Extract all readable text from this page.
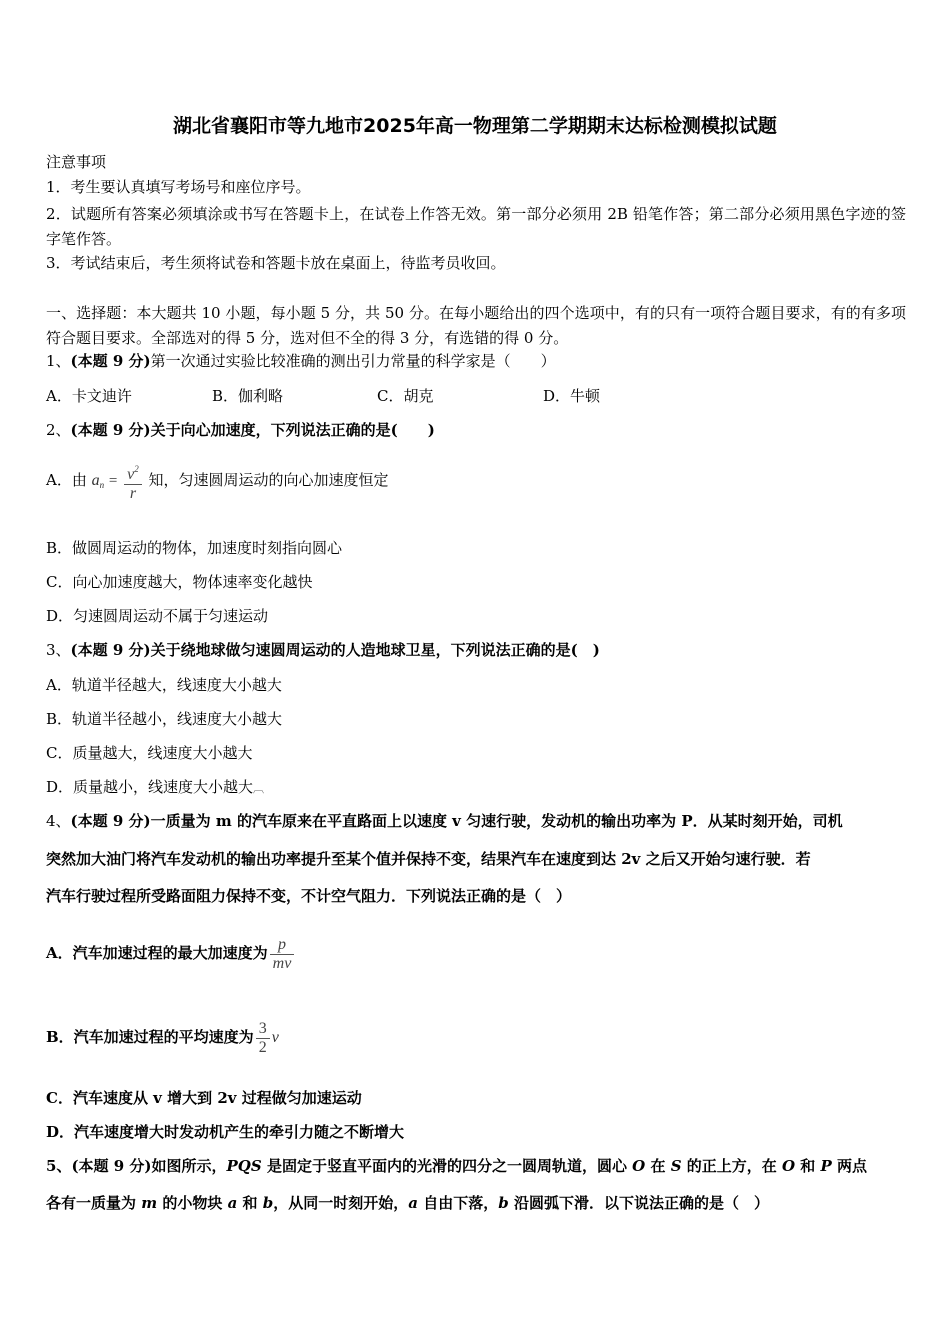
湖北省襄阳市等九地市2025年高一物理第二学期期末达标检测模拟试题
注意事项
1．考生要认真填写考场号和座位序号。
2．试题所有答案必须填涂或书写在答题卡上，在试卷上作答无效。第一部分必须用 2B 铅笔作答；第二部分必须用黑色字迹的签字笔作答。
3．考试结束后，考生须将试卷和答题卡放在桌面上，待监考员收回。
一、选择题：本大题共 10 小题，每小题 5 分，共 50 分。在每小题给出的四个选项中，有的只有一项符合题目要求，有的有多项符合题目要求。全部选对的得 5 分，选对但不全的得 3 分，有选错的得 0 分。
1、(本题 9 分)第一次通过实验比较准确的测出引力常量的科学家是（　　）
A．卡文迪许	B．伽利略	C．胡克	D．牛顿
2、(本题 9 分)关于向心加速度，下列说法正确的是(　　)
A．由 $a_n = \frac{v^2}{r}$ 知，匀速圆周运动的向心加速度恒定
B．做圆周运动的物体，加速度时刻指向圆心
C．向心加速度越大，物体速率变化越快
D．匀速圆周运动不属于匀速运动
3、(本题 9 分)关于绕地球做匀速圆周运动的人造地球卫星，下列说法正确的是(　)
A．轨道半径越大，线速度大小越大
B．轨道半径越小，线速度大小越大
C．质量越大，线速度大小越大
D．质量越小，线速度大小越大︹
4、(本题 9 分)一质量为 m 的汽车原来在平直路面上以速度 v 匀速行驶，发动机的输出功率为 P．从某时刻开始，司机
突然加大油门将汽车发动机的输出功率提升至某个值并保持不变，结果汽车在速度到达 2v 之后又开始匀速行驶．若
汽车行驶过程所受路面阻力保持不变，不计空气阻力．下列说法正确的是（　）
A．汽车加速过程的最大加速度为 $\frac{p}{mv}$
B．汽车加速过程的平均速度为 $\frac{3}{2}$ v
C．汽车速度从 v 增大到 2v 过程做匀加速运动
D．汽车速度增大时发动机产生的牵引力随之不断增大
5、(本题 9 分)如图所示，PQS 是固定于竖直平面内的光滑的四分之一圆周轨道，圆心 O 在 S 的正上方，在 O 和 P 两点
各有一质量为 m 的小物块 a 和 b，从同一时刻开始，a 自由下落，b 沿圆弧下滑．以下说法正确的是（　）
